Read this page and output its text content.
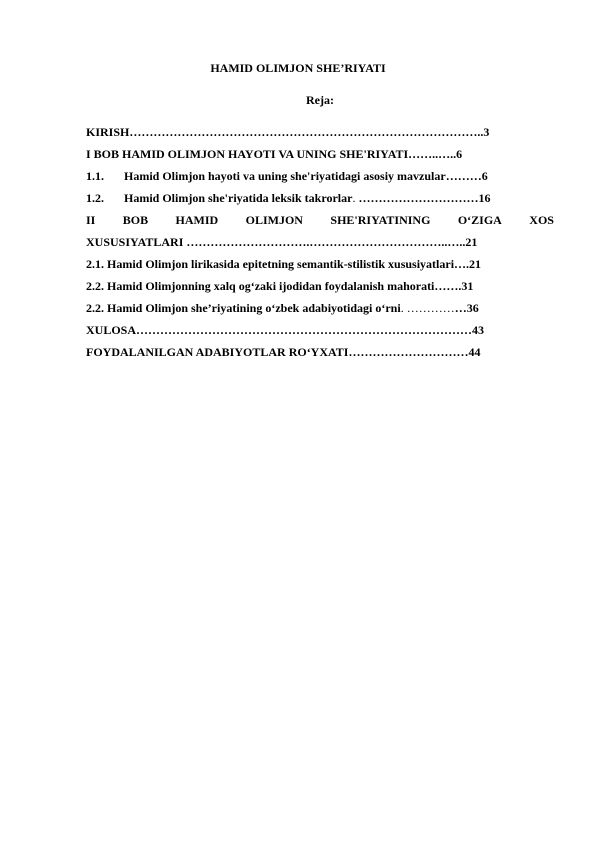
HAMID OLIMJON SHE’RIYATI
Reja:
KIRISH……………………………………………………………………………..3
I BOB HAMID OLIMJON HAYOTI VA UNING SHE'RIYATI……..…..6
1.1. Hamid Olimjon hayoti va uning she'riyatidagi asosiy mavzular………6
1.2. Hamid Olimjon she'riyatida leksik takrorlar. …………………………16
II BOB HAMID OLIMJON SHE'RIYATINING O‘ZIGA XOS
XUSUSIYATLARI ………………………….……………………………..…..21
2.1. Hamid Olimjon lirikasida epitetning semantik-stilistik xususiyatlari….21
2.2. Hamid Olimjonning xalq og‘zaki ijodidan foydalanish mahorati…….31
2.2. Hamid Olimjon she’riyatining o‘zbek adabiyotidagi o‘rni. ……………36
XULOSA…………………………………………………………………………43
FOYDALANILGAN ADABIYOTLAR RO‘YXATI…………………………44
